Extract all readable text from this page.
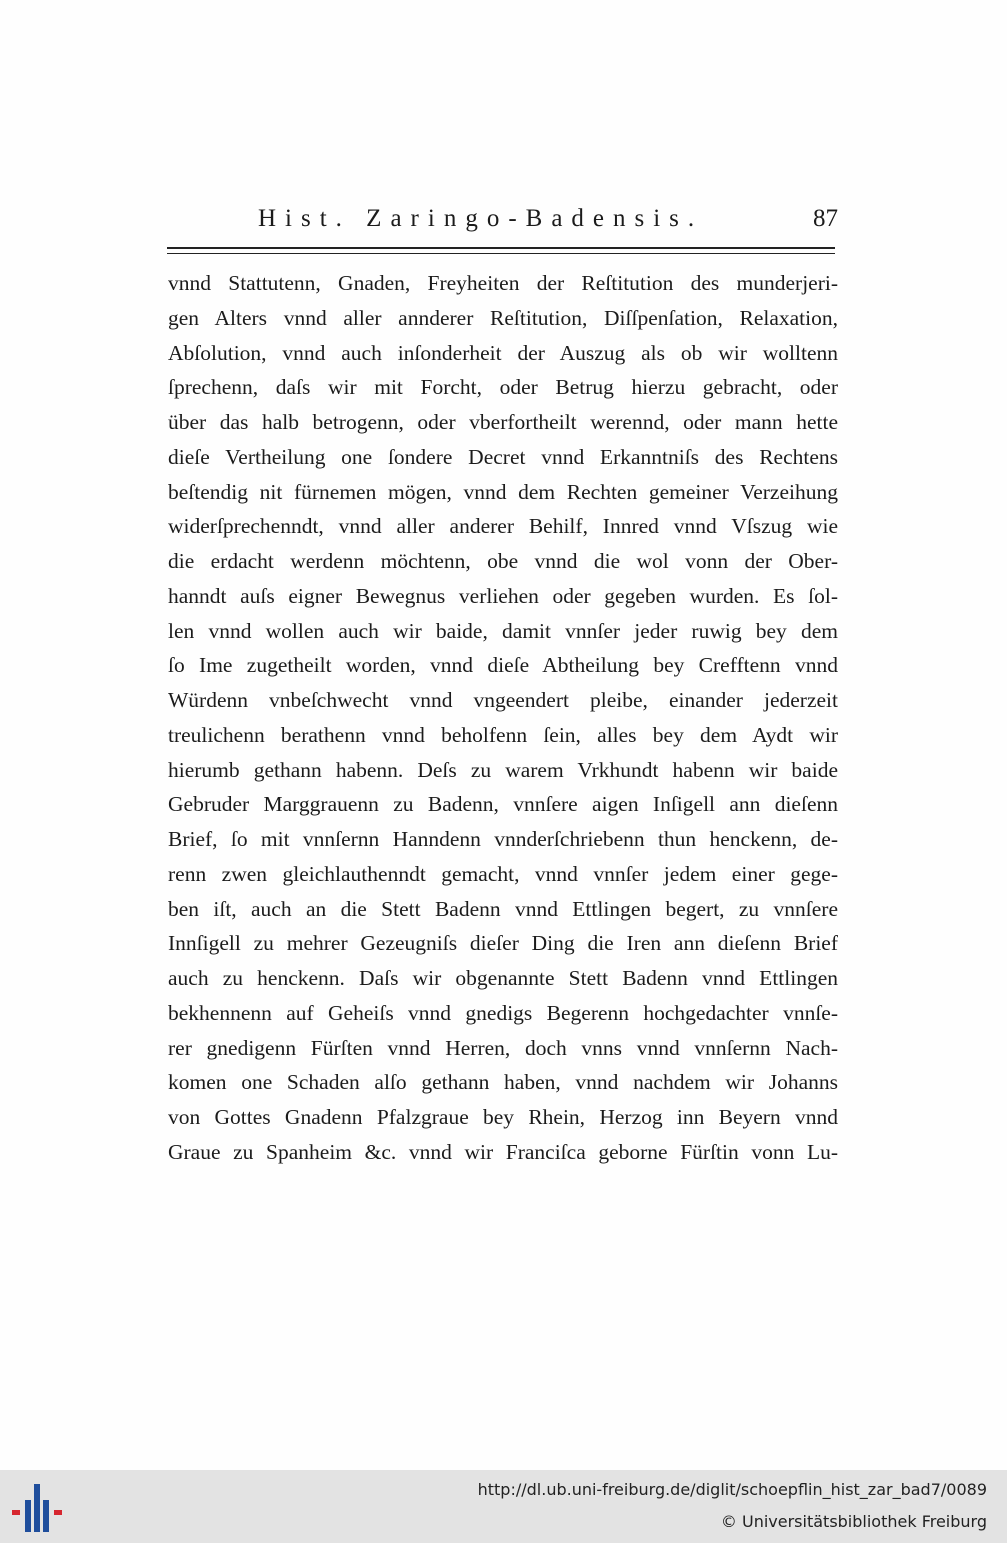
Hist. Zaringo-Badensis.	87
vnnd Stattutenn, Gnaden, Freyheiten der Reſtitution des munderjeri-
gen Alters vnnd aller annderer Reſtitution, Diſſpenſation, Relaxation,
Abſolution, vnnd auch inſonderheit der Auszug als ob wir wolltenn
ſprechenn, daſs wir mit Forcht, oder Betrug hierzu gebracht, oder
über das halb betrogenn, oder vberfortheilt werennd, oder mann hette
dieſe Vertheilung one ſondere Decret vnnd Erkanntniſs des Rechtens
beſtendig nit fürnemen mögen, vnnd dem Rechten gemeiner Verzeihung
widerſprechenndt, vnnd aller anderer Behilf, Innred vnnd Vſszug wie
die erdacht werdenn möchtenn, obe vnnd die wol vonn der Ober-
hanndt auſs eigner Bewegnus verliehen oder gegeben wurden. Es ſol-
len vnnd wollen auch wir baide, damit vnnſer jeder ruwig bey dem
ſo Ime zugetheilt worden, vnnd dieſe Abtheilung bey Crefftenn vnnd
Würdenn vnbeſchwecht vnnd vngeendert pleibe, einander jederzeit
treulichenn berathenn vnnd beholfenn ſein, alles bey dem Aydt wir
hierumb gethann habenn. Deſs zu warem Vrkhundt habenn wir baide
Gebruder Marggrauenn zu Badenn, vnnſere aigen Inſigell ann dieſenn
Brief, ſo mit vnnſernn Hanndenn vnnderſchriebenn thun henckenn, de-
renn zwen gleichlauthenndt gemacht, vnnd vnnſer jedem einer gege-
ben iſt, auch an die Stett Badenn vnnd Ettlingen begert, zu vnnſere
Innſigell zu mehrer Gezeugniſs dieſer Ding die Iren ann dieſenn Brief
auch zu henckenn. Daſs wir obgenannte Stett Badenn vnnd Ettlingen
bekhennenn auf Geheiſs vnnd gnedigs Begerenn hochgedachter vnnſe-
rer gnedigenn Fürſten vnnd Herren, doch vnns vnnd vnnſernn Nach-
komen one Schaden alſo gethann haben, vnnd nachdem wir Johanns
von Gottes Gnadenn Pfalzgraue bey Rhein, Herzog inn Beyern vnnd
Graue zu Spanheim &c. vnnd wir Franciſca geborne Fürſtin vonn Lu-
http://dl.ub.uni-freiburg.de/diglit/schoepflin_hist_zar_bad7/0089
© Universitätsbibliothek Freiburg
